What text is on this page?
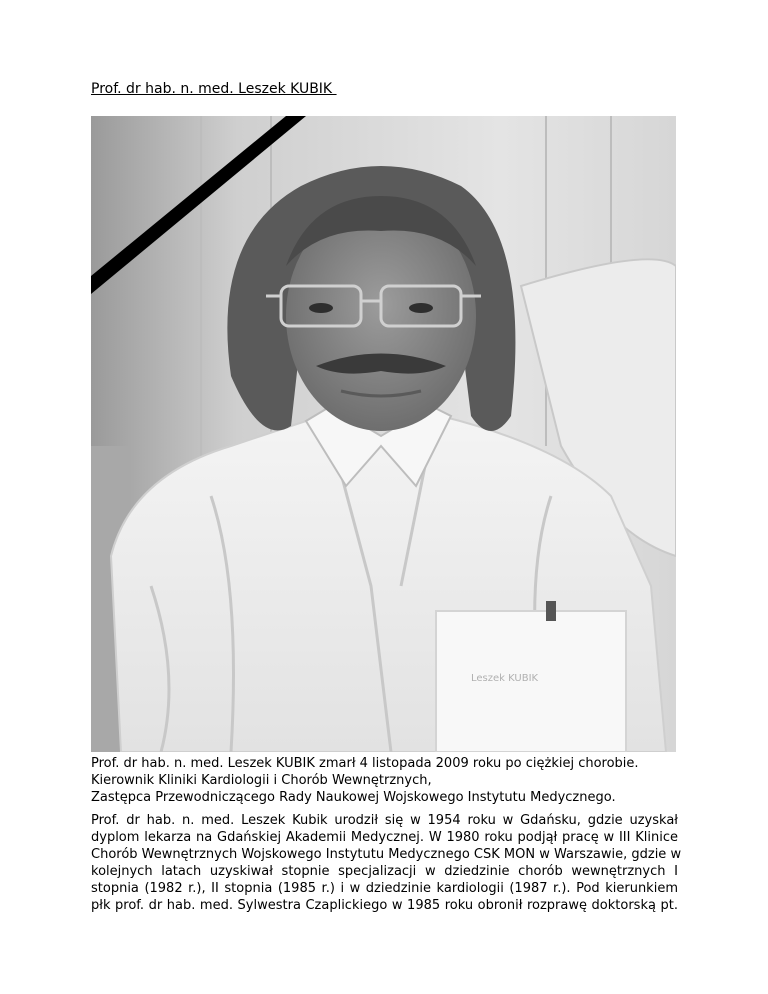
Prof. dr hab. n. med. Leszek KUBIK
Leszek KUBIK
Prof. dr hab. n. med. Leszek KUBIK zmarł 4 listopada 2009 roku po ciężkiej chorobie.
Kierownik Kliniki Kardiologii i Chorób Wewnętrznych,
Zastępca Przewodniczącego Rady Naukowej Wojskowego Instytutu Medycznego.
Prof. dr hab. n. med. Leszek Kubik urodził się w 1954 roku w Gdańsku, gdzie uzyskał
dyplom lekarza na Gdańskiej Akademii Medycznej. W 1980 roku podjął pracę w III Klinice
Chorób Wewnętrznych Wojskowego Instytutu Medycznego CSK MON w Warszawie, gdzie w
kolejnych latach uzyskiwał stopnie specjalizacji w dziedzinie chorób wewnętrznych I
stopnia (1982 r.), II stopnia (1985 r.) i w dziedzinie kardiologii (1987 r.). Pod kierunkiem
płk prof. dr hab. med. Sylwestra Czaplickiego w 1985 roku obronił rozprawę doktorską pt.
